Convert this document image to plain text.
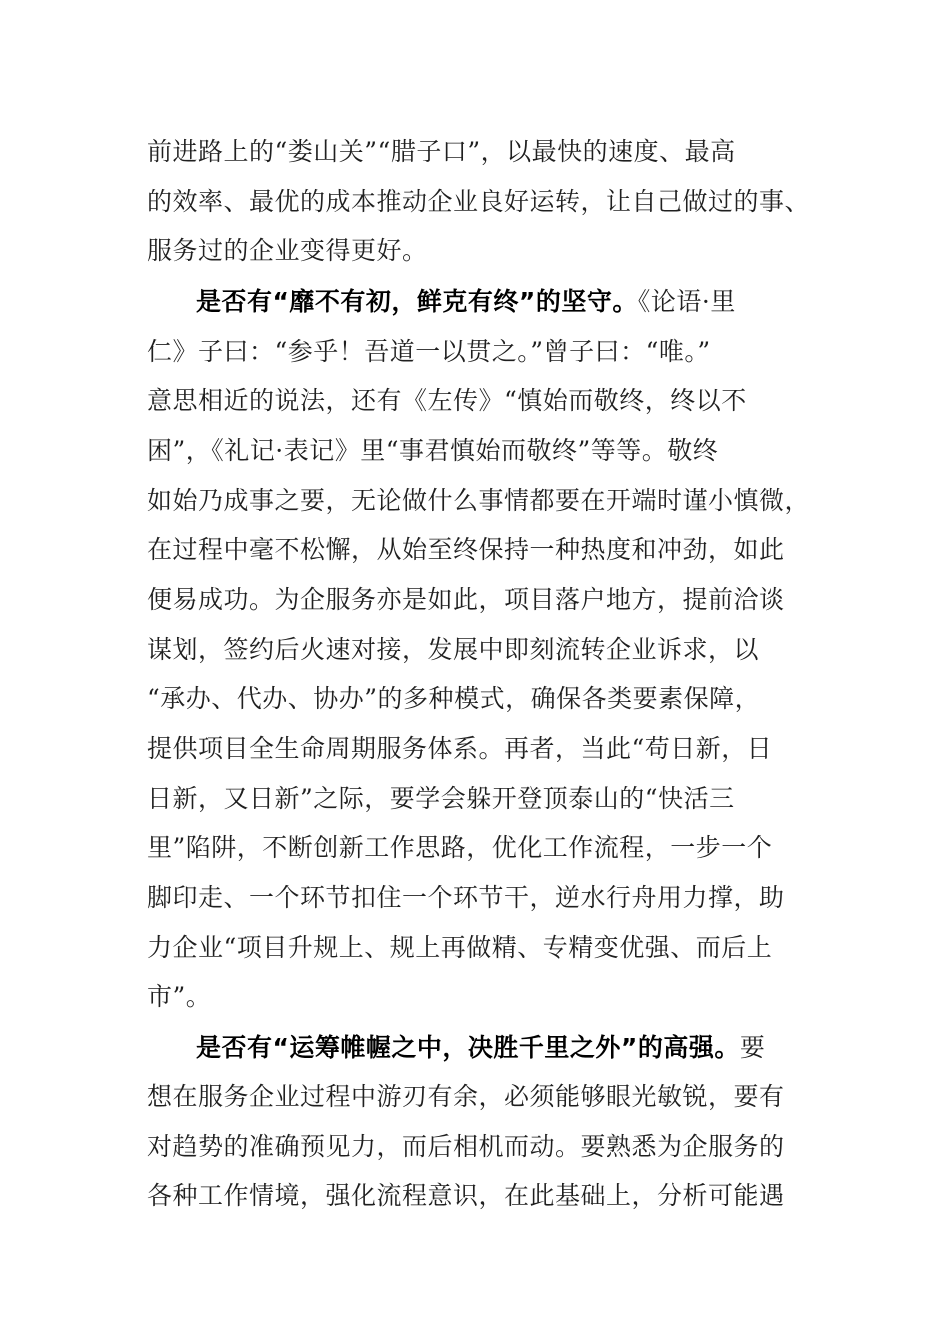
前进路上的“娄山关”“腊子口”，以最快的速度、最高
的效率、最优的成本推动企业良好运转，让自己做过的事、
服务过的企业变得更好。
是否有“靡不有初，鲜克有终”的坚守。《论语·里
仁》子曰：“参乎！吾道一以贯之。”曾子曰：“唯。”
意思相近的说法，还有《左传》“慎始而敬终，终以不
困”，《礼记·表记》里“事君慎始而敬终”等等。敬终
如始乃成事之要，无论做什么事情都要在开端时谨小慎微，
在过程中毫不松懈，从始至终保持一种热度和冲劲，如此
便易成功。为企服务亦是如此，项目落户地方，提前洽谈
谋划，签约后火速对接，发展中即刻流转企业诉求，以
“承办、代办、协办”的多种模式，确保各类要素保障，
提供项目全生命周期服务体系。再者，当此“苟日新，日
日新，又日新”之际，要学会躲开登顶泰山的“快活三
里”陷阱，不断创新工作思路，优化工作流程，一步一个
脚印走、一个环节扣住一个环节干，逆水行舟用力撑，助
力企业“项目升规上、规上再做精、专精变优强、而后上
市”。
是否有“运筹帷幄之中，决胜千里之外”的高强。要
想在服务企业过程中游刃有余，必须能够眼光敏锐，要有
对趋势的准确预见力，而后相机而动。要熟悉为企服务的
各种工作情境，强化流程意识，在此基础上，分析可能遇
